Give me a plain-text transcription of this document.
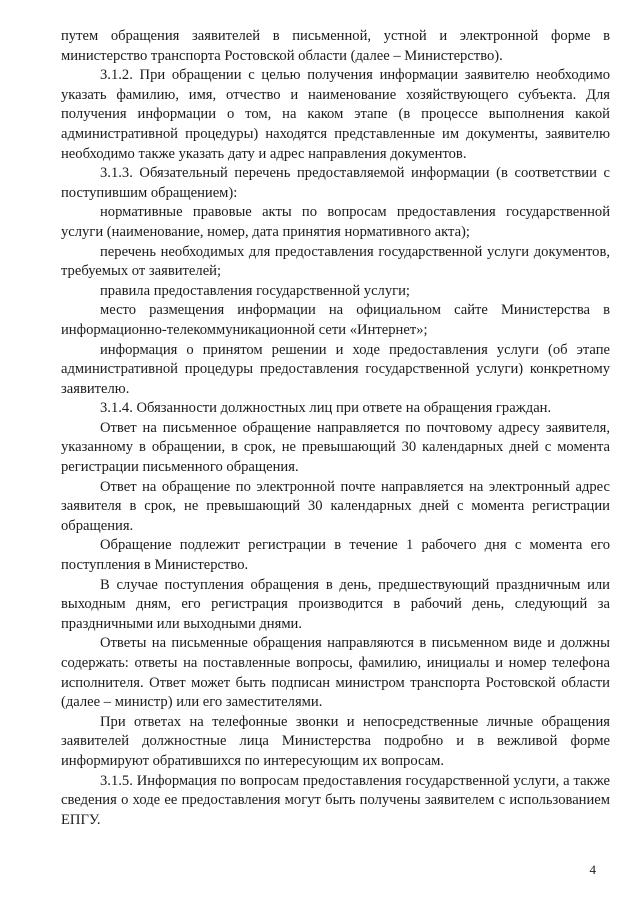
путем обращения заявителей в письменной, устной и электронной форме в министерство транспорта Ростовской области (далее – Министерство).

3.1.2. При обращении с целью получения информации заявителю необходимо указать фамилию, имя, отчество и наименование хозяйствующего субъекта. Для получения информации о том, на каком этапе (в процессе выполнения какой административной процедуры) находятся представленные им документы, заявителю необходимо также указать дату и адрес направления документов.

3.1.3. Обязательный перечень предоставляемой информации (в соответствии с поступившим обращением):

нормативные правовые акты по вопросам предоставления государственной услуги (наименование, номер, дата принятия нормативного акта);

перечень необходимых для предоставления государственной услуги документов, требуемых от заявителей;

правила предоставления государственной услуги;

место размещения информации на официальном сайте Министерства в информационно-телекоммуникационной сети «Интернет»;

информация о принятом решении и ходе предоставления услуги (об этапе административной процедуры предоставления государственной услуги) конкретному заявителю.

3.1.4. Обязанности должностных лиц при ответе на обращения граждан.

Ответ на письменное обращение направляется по почтовому адресу заявителя, указанному в обращении, в срок, не превышающий 30 календарных дней с момента регистрации письменного обращения.

Ответ на обращение по электронной почте направляется на электронный адрес заявителя в срок, не превышающий 30 календарных дней с момента регистрации обращения.

Обращение подлежит регистрации в течение 1 рабочего дня с момента его поступления в Министерство.

В случае поступления обращения в день, предшествующий праздничным или выходным дням, его регистрация производится в рабочий день, следующий за праздничными или выходными днями.

Ответы на письменные обращения направляются в письменном виде и должны содержать: ответы на поставленные вопросы, фамилию, инициалы и номер телефона исполнителя. Ответ может быть подписан министром транспорта Ростовской области (далее – министр) или его заместителями.

При ответах на телефонные звонки и непосредственные личные обращения заявителей должностные лица Министерства подробно и в вежливой форме информируют обратившихся по интересующим их вопросам.

3.1.5. Информация по вопросам предоставления государственной услуги, а также сведения о ходе ее предоставления могут быть получены заявителем с использованием ЕПГУ.

4
